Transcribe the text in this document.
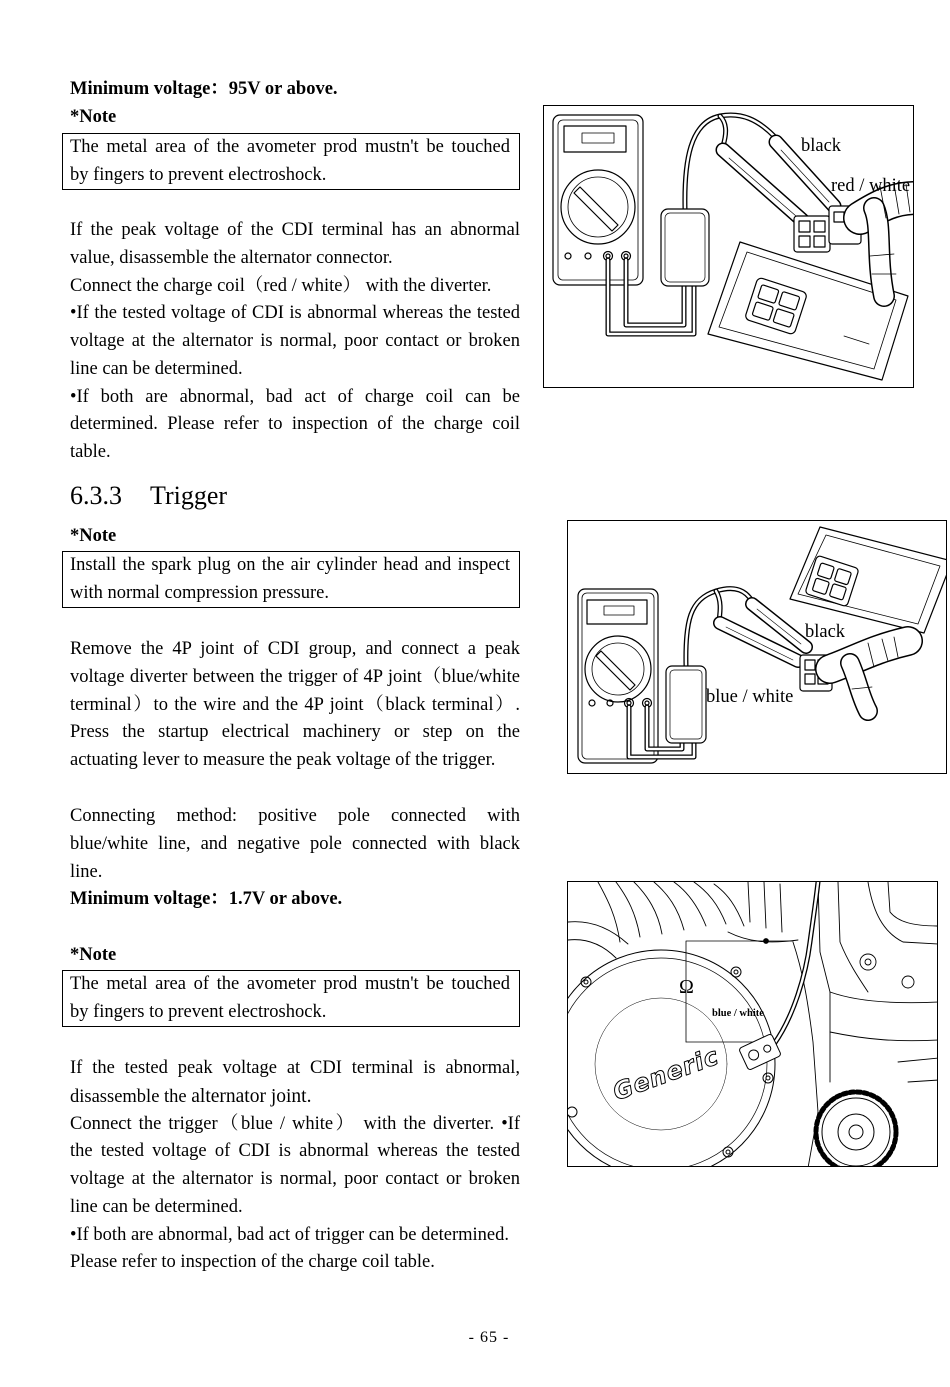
Minimum voltage：95V or above.
*Note
The metal area of the avometer prod mustn't be touched
by fingers to prevent electroshock.
If the peak voltage of the CDI terminal has an abnormal
value, disassemble the alternator connector.
Connect the charge coil（red / white） with the diverter.
•If the tested voltage of CDI is abnormal whereas the tested
voltage at the alternator is normal, poor contact or broken
line can be determined.
•If both are abnormal, bad act of charge coil can be
determined. Please refer to inspection of the charge coil
table.
6.3.3 Trigger
*Note
Install the spark plug on the air cylinder head and inspect
with normal compression pressure.
Remove the 4P joint of CDI group, and connect a peak
voltage diverter between the trigger of 4P joint（blue/white
terminal）to the wire and the 4P joint（black terminal）.
Press the startup electrical machinery or step on the
actuating lever to measure the peak voltage of the trigger.
Connecting method: positive pole connected with
blue/white line, and negative pole connected with black
line.
Minimum voltage：1.7V or above.
*Note
The metal area of the avometer prod mustn't be touched
by fingers to prevent electroshock.
If the tested peak voltage at CDI terminal is abnormal,
disassemble the alternator joint.
Connect the trigger（blue / white） with the diverter. •If
the tested voltage of CDI is abnormal whereas the tested
voltage at the alternator is normal, poor contact or broken
line can be determined.
•If both are abnormal, bad act of trigger can be determined.
Please refer to inspection of the charge coil table.
- 65 -
black
red / white
black
blue / white
Generic
Ω
blue / white
